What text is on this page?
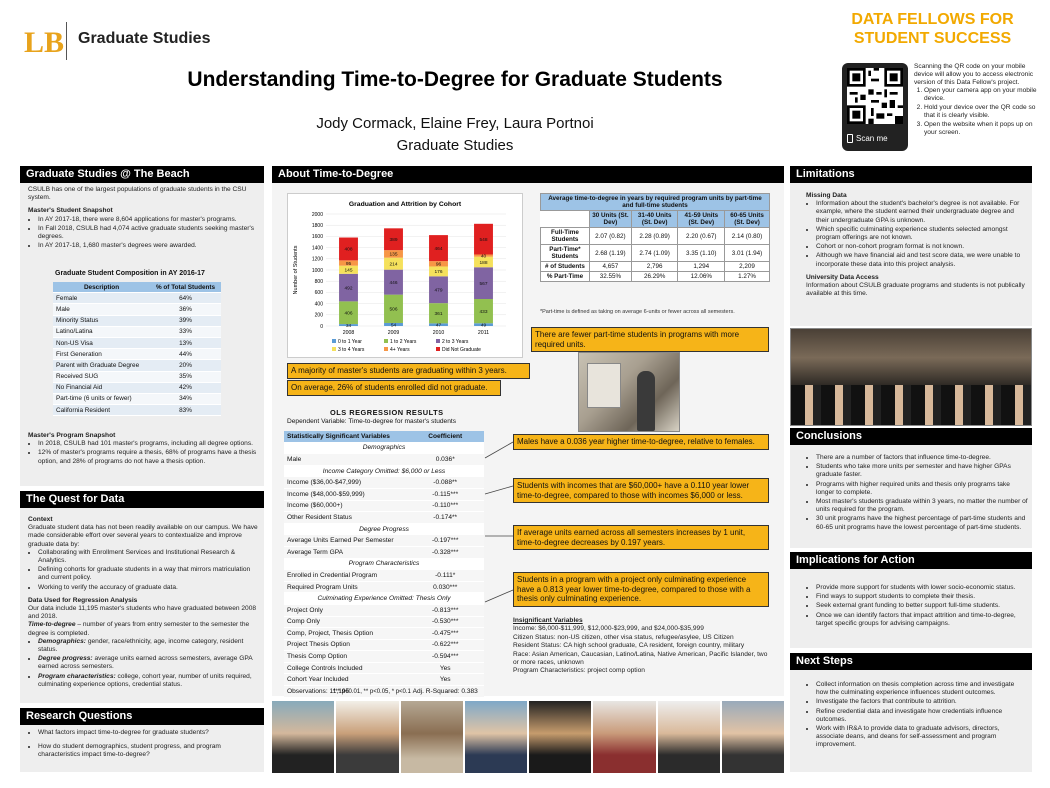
LB Graduate Studies
Understanding Time-to-Degree for Graduate Students
Jody Cormack, Elaine Frey, Laura Portnoi
Graduate Studies
DATA FELLOWS FOR
STUDENT SUCCESS
Scan me
Scanning the QR code on your mobile device will allow you to access electronic version of this Data Fellow's project.
1. Open your camera app on your mobile device.
2. Hold your device over the QR code so that it is clearly visible.
3. Open the website when it pops up on your screen.
Graduate Studies @ The Beach
CSULB has one of the largest populations of graduate students in the CSU system.
Master's Student Snapshot
• In AY 2017-18, there were 8,604 applications for master's programs.
• In Fall 2018, CSULB had 4,074 active graduate students seeking master's degrees.
• In AY 2017-18, 1,680 master's degrees were awarded.
Graduate Student Composition in AY 2016-17
Description	% of Total Students
Female	64%
Male	36%
Minority Status	39%
Latino/Latina	33%
Non-US Visa	13%
First Generation	44%
Parent with Graduate Degree	20%
Received SUG	35%
No Financial Aid	42%
Part-time (6 units or fewer)	34%
California Resident	83%
Master's Program Snapshot
• In 2018, CSULB had 101 master's programs, including all degree options.
• 12% of master's programs require a thesis, 68% of programs have a thesis option, and 28% of programs do not have a thesis option.
The Quest for Data
Context
Graduate student data has not been readily available on our campus. We have made considerable effort over several years to contextualize and improve graduate data by:
• Collaborating with Enrollment Services and Institutional Research & Analytics.
• Defining cohorts for graduate students in a way that mirrors matriculation and current policy.
• Working to verify the accuracy of graduate data.
Data Used for Regression Analysis
Our data include 11,195 master's students who have graduated between 2008 and 2018.
Time-to-degree – number of years from entry semester to the semester the degree is completed.
• Demographics: gender, race/ethnicity, age, income category, resident status.
• Degree progress: average units earned across semesters, average GPA earned across semesters.
• Program characteristics: college, cohort year, number of units required, culminating experience options, credential status.
Research Questions
• What factors impact time-to-degree for graduate students?
• How do student demographics, student progress, and program characteristics impact time-to-degree?
About Time-to-Degree
Graduation and Attrition by Cohort
Number of Students
0
200
400
600
800
1000
1200
1400
1600
1800
2000
34
406
492
145
95
408
2008
54
506
446
214
135
389
2009
47
361
479
176
96
464
2010
49
433
567
188
40
548
2011
0 to 1 Year	1 to 2 Years	2 to 3 Years
3 to 4 Years	4+ Years	Did Not Graduate
A majority of master's students are graduating within 3 years.
On average, 26% of students enrolled did not graduate.
Average time-to-degree in years by required program units by part-time and full-time students				
	30 Units (St. Dev)	31-40 Units (St. Dev)	41-59 Units (St. Dev)	60-65 Units (St. Dev)
Full-Time Students	2.07 (0.82)	2.28 (0.89)	2.20 (0.67)	2.14 (0.80)
Part-Time* Students	2.68 (1.19)	2.74 (1.09)	3.35 (1.10)	3.01 (1.94)
# of Students	4,657	2,796	1,294	2,209
% Part-Time	32.55%	26.29%	12.06%	1.27%
*Part-time is defined as taking on average 6-units or fewer across all semesters.
There are fewer part-time students in programs with more required units.
OLS REGRESSION RESULTS
Dependent Variable: Time-to-degree for master's students
Statistically Significant Variables	Coefficient
Demographics	
Male	0.036*
Income Category Omitted: $6,000 or Less	
Income ($36,00-$47,999)	-0.088**
Income ($48,000-$59,999)	-0.115***
Income ($60,000+)	-0.110***
Other Resident Status	-0.174**
Degree Progress	
Average Units Earned Per Semester	-0.197***
Average Term GPA	-0.328***
Program Characteristics	
Enrolled in Credential Program	-0.111*
Required Program Units	0.030***
Culminating Experience Omitted: Thesis Only	
Project Only	-0.813***
Comp Only	-0.530***
Comp, Project, Thesis Option	-0.475***
Project Thesis Option	-0.622***
Thesis Comp Option	-0.594***
College Controls Included	Yes
Cohort Year Included	Yes
Observations: 11,195	Adj. R-Squared: 0.383
*** p<0.01, ** p<0.05, * p<0.1
Males have a 0.036 year higher time-to-degree, relative to females.
Students with incomes that are $60,000+ have a 0.110 year lower time-to-degree, compared to those with incomes $6,000 or less.
If average units earned across all semesters increases by 1 unit, time-to-degree decreases by 0.197 years.
Students in a program with a project only culminating experience have a 0.813 year lower time-to-degree, compared to those with a thesis only culminating experience.
Insignificant Variables
Income: $6,000-$11,999, $12,000-$23,999, and $24,000-$35,999
Citizen Status: non-US citizen, other visa status, refugee/asylee, US Citizen
Resident Status: CA high school graduate, CA resident, foreign country, military
Race: Asian American, Caucasian, Latino/Latina, Native American, Pacific Islander, two or more races, unknown
Program Characteristics: project comp option
Limitations
Missing Data
• Information about the student's bachelor's degree is not available. For example, where the student earned their undergraduate degree and their undergraduate GPA is unknown.
• Which specific culminating experience students selected amongst program offerings are not known.
• Cohort or non-cohort program format is not known.
• Although we have financial aid and test score data, we were unable to incorporate these data into this project analysis.
University Data Access
Information about CSULB graduate programs and students is not publically available at this time.
Conclusions
• There are a number of factors that influence time-to-degree.
• Students who take more units per semester and have higher GPAs graduate faster.
• Programs with higher required units and thesis only programs take longer to complete.
• Most master's students graduate within 3 years, no matter the number of units required for the program.
• 30 unit programs have the highest percentage of part-time students and 60-65 unit programs have the lowest percentage of part-time students.
Implications for Action
• Provide more support for students with lower socio-economic status.
• Find ways to support students to complete their thesis.
• Seek external grant funding to better support full-time students.
• Once we can identify factors that impact attrition and time-to-degree, target specific groups for advising campaigns.
Next Steps
• Collect information on thesis completion across time and investigate how the culminating experience influences student outcomes.
• Investigate the factors that contribute to attrition.
• Refine credential data and investigate how credentials influence outcomes.
• Work with IR&A to provide data to graduate advisors, directors, associate deans, and deans for self-assessment and program improvement.
